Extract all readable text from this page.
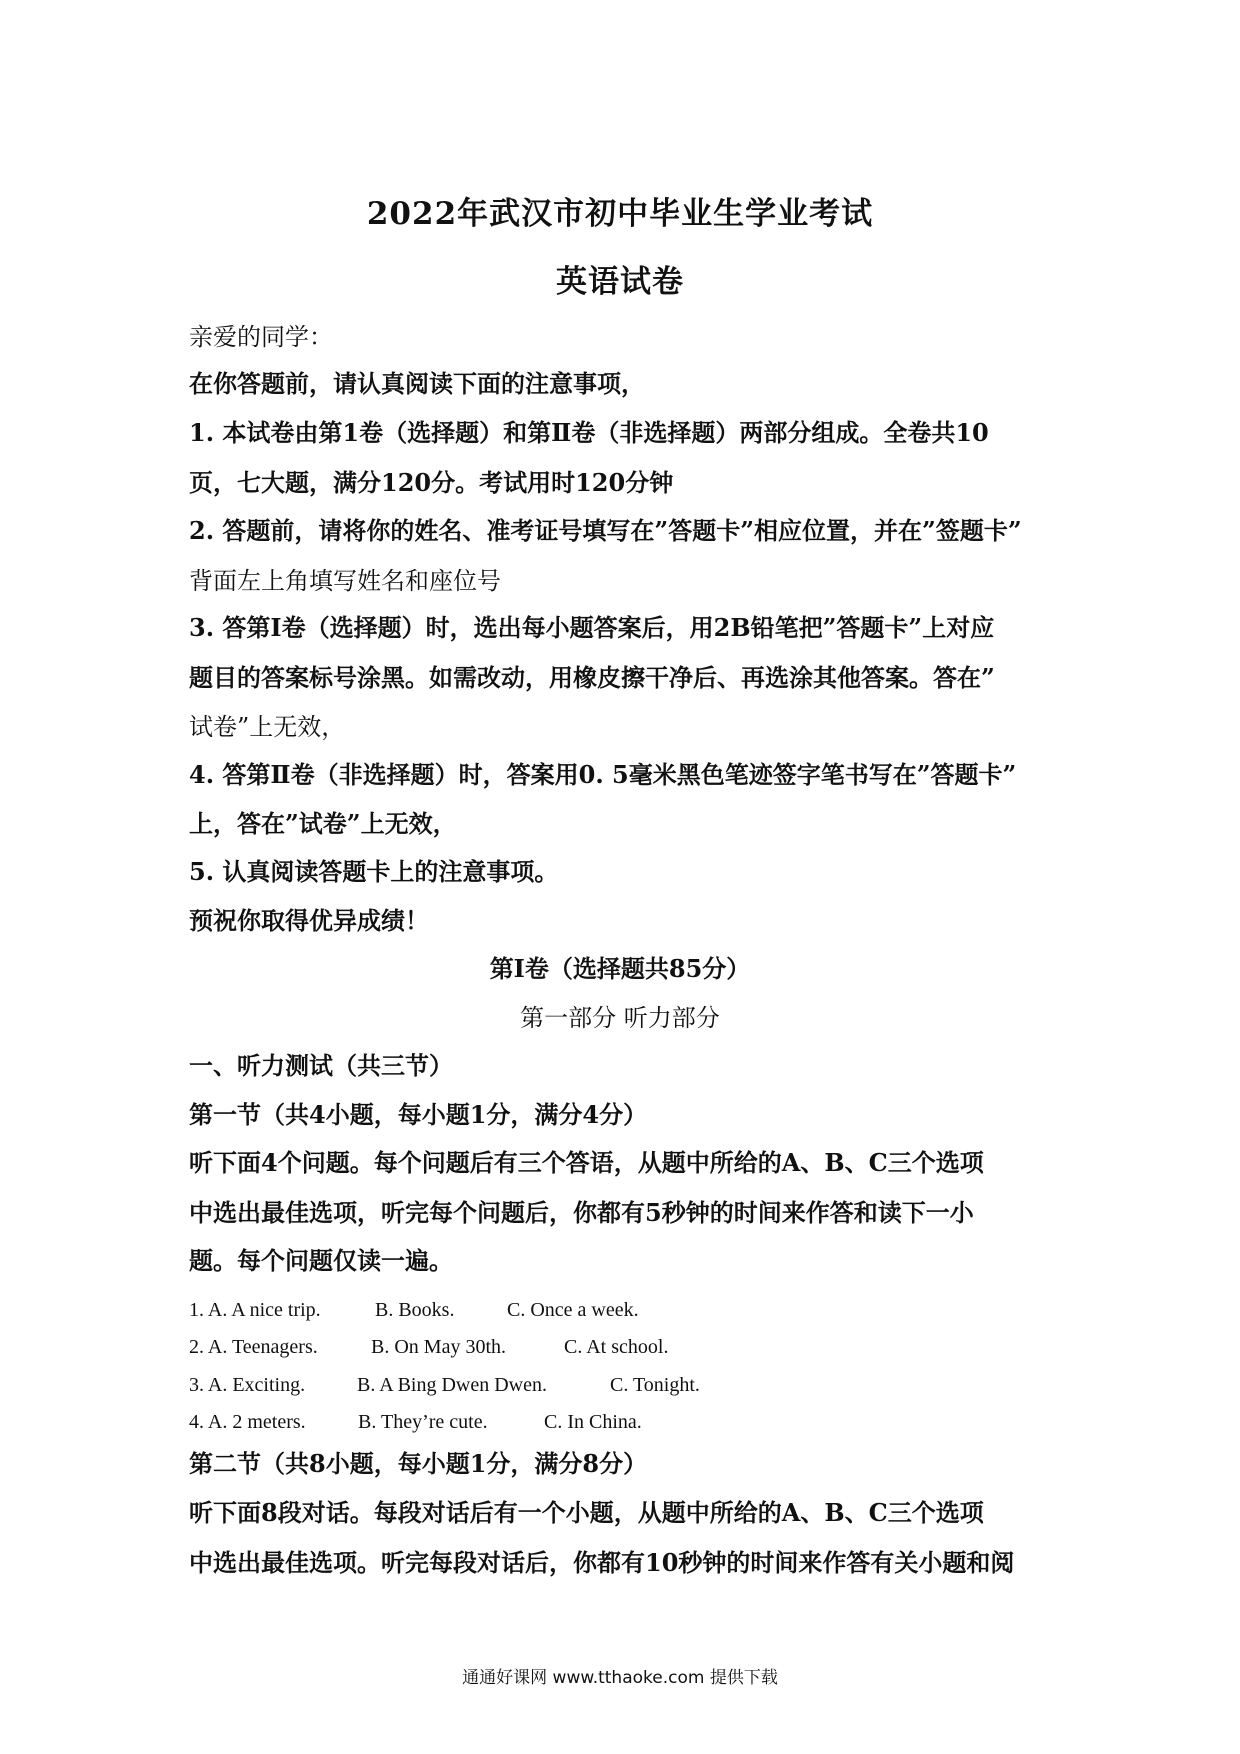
2022年武汉市初中毕业生学业考试
英语试卷
亲爱的同学：
在你答题前，请认真阅读下面的注意事项，
1. 本试卷由第1卷（选择题）和第Ⅱ卷（非选择题）两部分组成。全卷共10
页，七大题，满分120分。考试用时120分钟
2. 答题前，请将你的姓名、准考证号填写在”答题卡”相应位置，并在”签题卡”
背面左上角填写姓名和座位号
3. 答第Ⅰ卷（选择题）时，选出每小题答案后，用2B铅笔把”答题卡”上对应
题目的答案标号涂黑。如需改动，用橡皮擦干净后、再选涂其他答案。答在”
试卷”上无效，
4. 答第Ⅱ卷（非选择题）时，答案用0. 5毫米黑色笔迹签字笔书写在”答题卡”
上，答在”试卷”上无效，
5. 认真阅读答题卡上的注意事项。
预祝你取得优异成绩！
第Ⅰ卷（选择题共85分）
第一部分 听力部分
一、听力测试（共三节）
第一节（共4小题，每小题1分，满分4分）
听下面4个问题。每个问题后有三个答语，从题中所给的A、B、C三个选项
中选出最佳选项，听完每个问题后，你都有5秒钟的时间来作答和读下一小
题。每个问题仅读一遍。
1. A. A nice trip.	B. Books.	C. Once a week.
2. A. Teenagers.	B. On May 30th.	C. At school.
3. A. Exciting.	B. A Bing Dwen Dwen.	C. Tonight.
4. A. 2 meters.	B. They’re cute.	C. In China.
第二节（共8小题，每小题1分，满分8分）
听下面8段对话。每段对话后有一个小题，从题中所给的A、B、C三个选项
中选出最佳选项。听完每段对话后，你都有10秒钟的时间来作答有关小题和阅
通通好课网 www.tthaoke.com 提供下载
